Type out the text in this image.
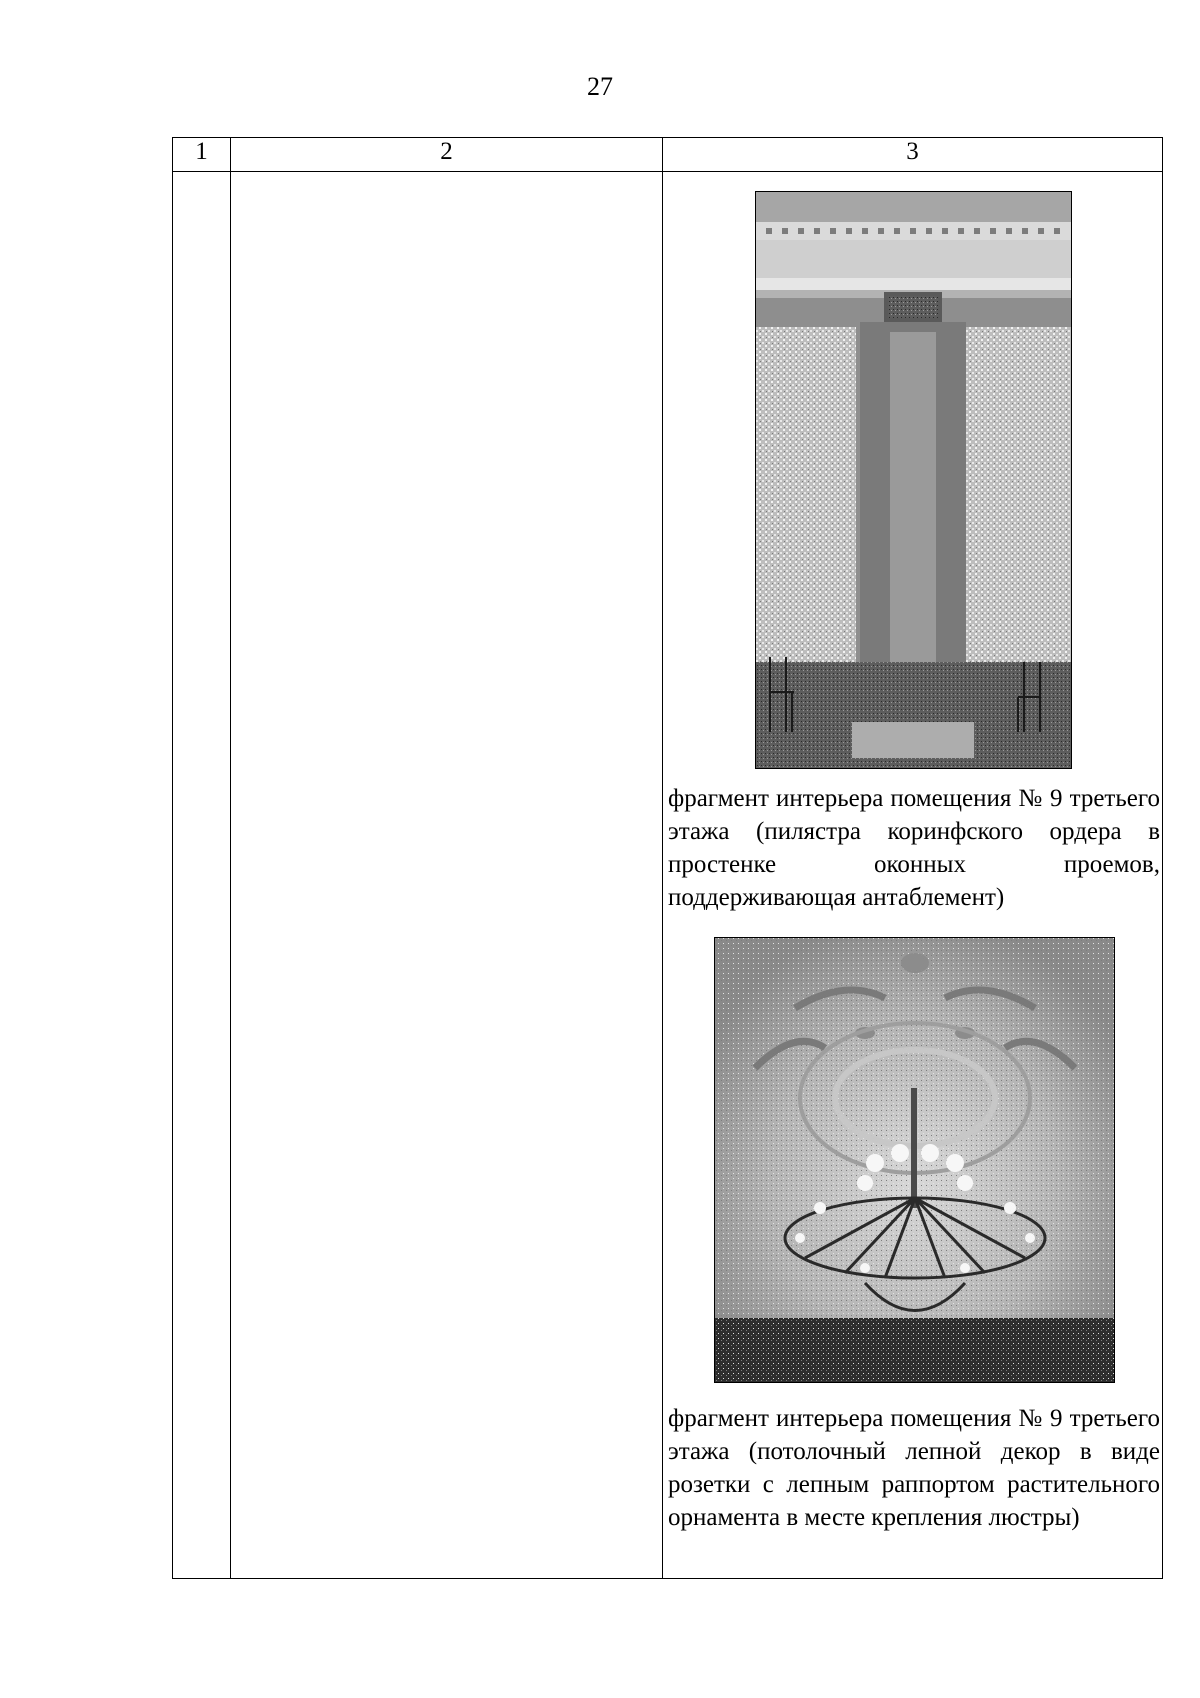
27
1	2	3

		фрагмент интерьера помещения № 9 третьего этажа (пилястра коринфского ордера в простенке оконных проемов, поддерживающая антаблемент)
фрагмент интерьера помещения № 9 третьего этажа (потолочный лепной декор в виде розетки с лепным раппортом растительного орнамента в месте крепления люстры)
